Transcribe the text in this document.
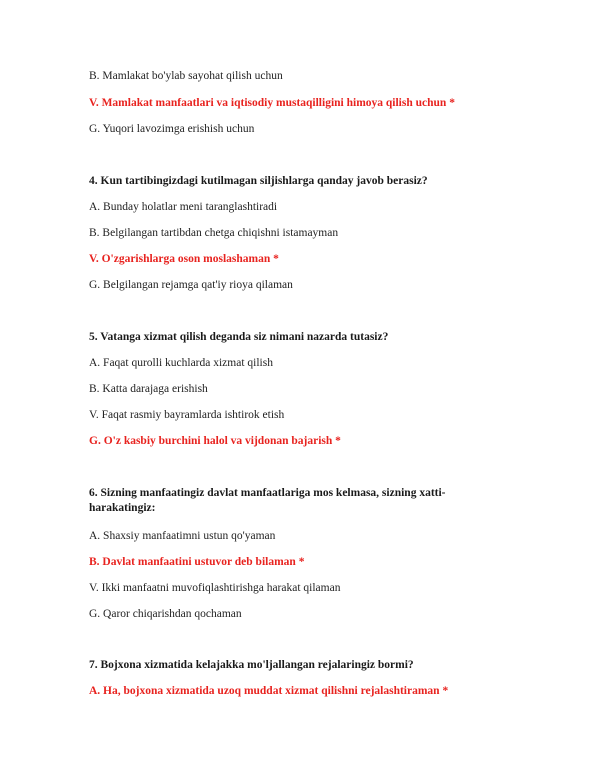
B. Mamlakat bo'ylab sayohat qilish uchun
V. Mamlakat manfaatlari va iqtisodiy mustaqilligini himoya qilish uchun *
G. Yuqori lavozimga erishish uchun
4. Kun tartibingizdagi kutilmagan siljishlarga qanday javob berasiz?
A. Bunday holatlar meni taranglashtiradi
B. Belgilangan tartibdan chetga chiqishni istamayman
V. O'zgarishlarga oson moslashaman *
G. Belgilangan rejamga qat'iy rioya qilaman
5. Vatanga xizmat qilish deganda siz nimani nazarda tutasiz?
A. Faqat qurolli kuchlarda xizmat qilish
B. Katta darajaga erishish
V. Faqat rasmiy bayramlarda ishtirok etish
G. O'z kasbiy burchini halol va vijdonan bajarish *
6. Sizning manfaatingiz davlat manfaatlariga mos kelmasa, sizning xatti-harakatingiz:
A. Shaxsiy manfaatimni ustun qo'yaman
B. Davlat manfaatini ustuvor deb bilaman *
V. Ikki manfaatni muvofiqlashtirishga harakat qilaman
G. Qaror chiqarishdan qochaman
7. Bojxona xizmatida kelajakka mo'ljallangan rejalaringiz bormi?
A. Ha, bojxona xizmatida uzoq muddat xizmat qilishni rejalashtiraman *
